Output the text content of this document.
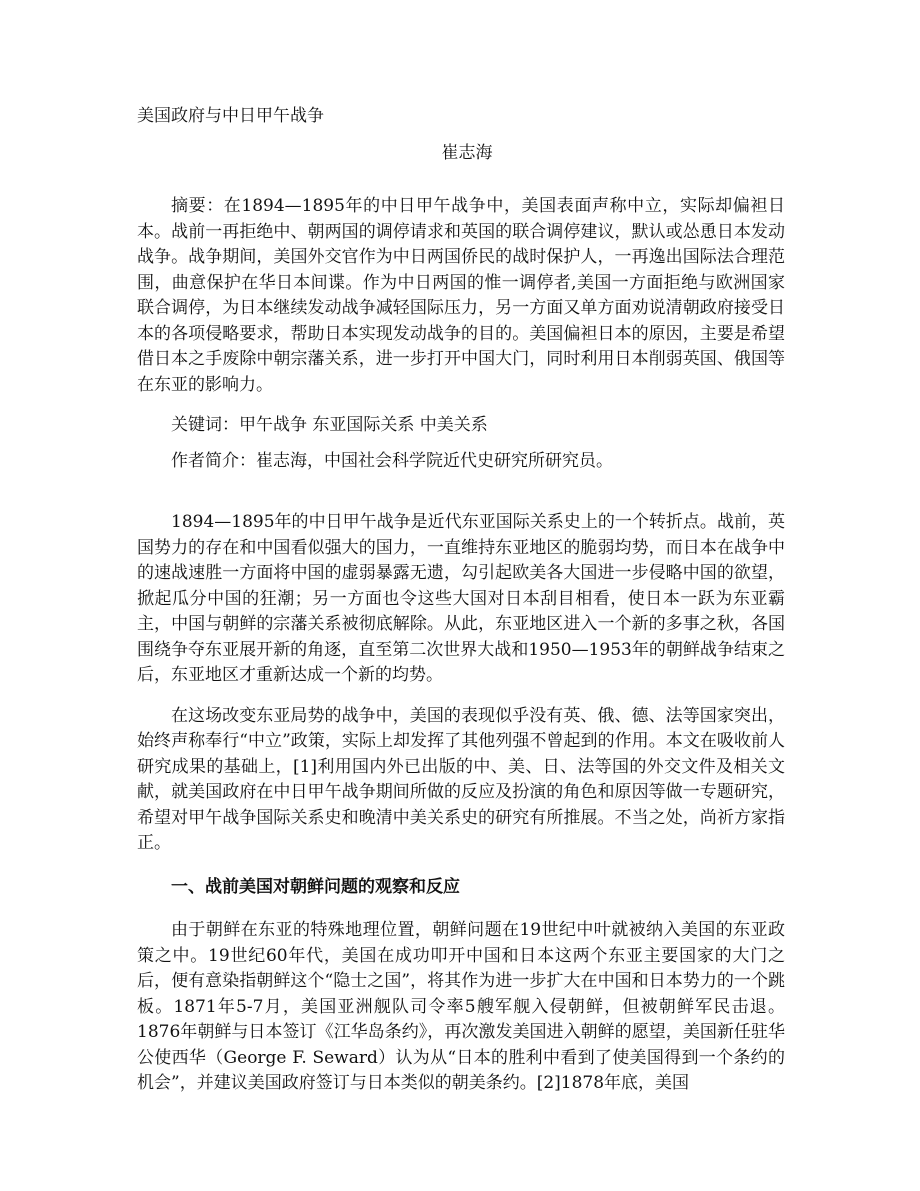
美国政府与中日甲午战争

崔志海

摘要：在1894—1895年的中日甲午战争中，美国表面声称中立，实际却偏袒日本。战前一再拒绝中、朝两国的调停请求和英国的联合调停建议，默认或怂恿日本发动战争。战争期间，美国外交官作为中日两国侨民的战时保护人，一再逸出国际法合理范围，曲意保护在华日本间谍。作为中日两国的惟一调停者,美国一方面拒绝与欧洲国家联合调停，为日本继续发动战争减轻国际压力，另一方面又单方面劝说清朝政府接受日本的各项侵略要求，帮助日本实现发动战争的目的。美国偏袒日本的原因，主要是希望借日本之手废除中朝宗藩关系，进一步打开中国大门，同时利用日本削弱英国、俄国等在东亚的影响力。

关键词：甲午战争 东亚国际关系 中美关系

作者简介：崔志海，中国社会科学院近代史研究所研究员。

1894—1895年的中日甲午战争是近代东亚国际关系史上的一个转折点。战前，英国势力的存在和中国看似强大的国力，一直维持东亚地区的脆弱均势，而日本在战争中的速战速胜一方面将中国的虚弱暴露无遗，勾引起欧美各大国进一步侵略中国的欲望，掀起瓜分中国的狂潮；另一方面也令这些大国对日本刮目相看，使日本一跃为东亚霸主，中国与朝鲜的宗藩关系被彻底解除。从此，东亚地区进入一个新的多事之秋，各国围绕争夺东亚展开新的角逐，直至第二次世界大战和1950—1953年的朝鲜战争结束之后，东亚地区才重新达成一个新的均势。

在这场改变东亚局势的战争中，美国的表现似乎没有英、俄、德、法等国家突出，始终声称奉行“中立”政策，实际上却发挥了其他列强不曾起到的作用。本文在吸收前人研究成果的基础上，[1]利用国内外已出版的中、美、日、法等国的外交文件及相关文献，就美国政府在中日甲午战争期间所做的反应及扮演的角色和原因等做一专题研究，希望对甲午战争国际关系史和晚清中美关系史的研究有所推展。不当之处，尚祈方家指正。

一、战前美国对朝鲜问题的观察和反应

由于朝鲜在东亚的特殊地理位置，朝鲜问题在19世纪中叶就被纳入美国的东亚政策之中。19世纪60年代，美国在成功叩开中国和日本这两个东亚主要国家的大门之后，便有意染指朝鲜这个“隐士之国”，将其作为进一步扩大在中国和日本势力的一个跳板。1871年5-7月，美国亚洲舰队司令率5艘军舰入侵朝鲜，但被朝鲜军民击退。1876年朝鲜与日本签订《江华岛条约》，再次激发美国进入朝鲜的愿望，美国新任驻华公使西华（George F. Seward）认为从“日本的胜利中看到了使美国得到一个条约的机会”，并建议美国政府签订与日本类似的朝美条约。[2]1878年底，美国
